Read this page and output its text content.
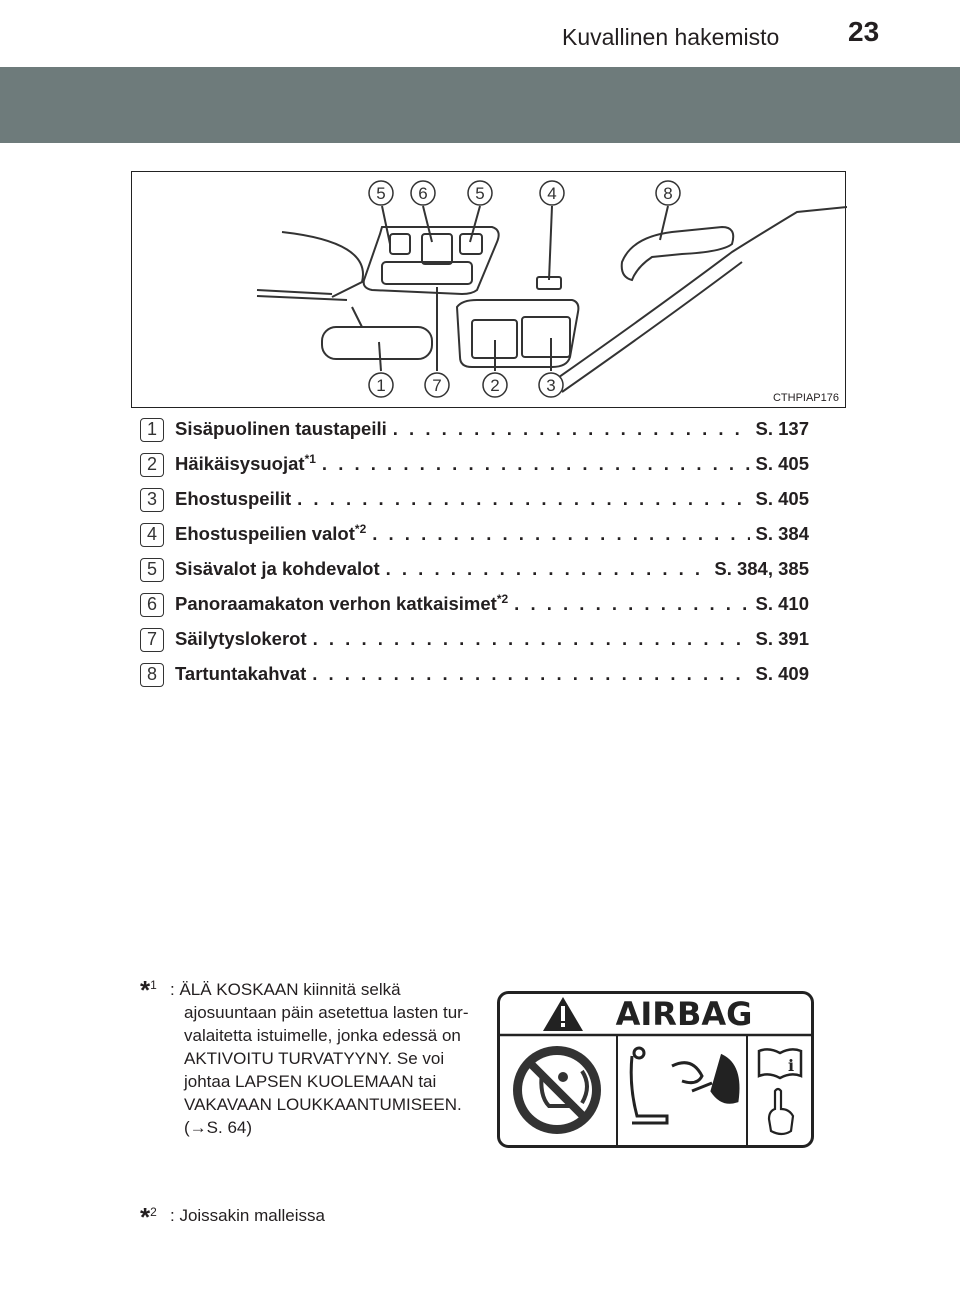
Kuvallinen hakemisto 23
5 6	5	4	8
1	7	2	3
CTHPIAP176
1 Sisäpuolinen taustapeili . . .	S. 137
2 Häikäisysuojat$^{*1}$ . . .	S. 405
3 Ehostuspeilit . . .	S. 405
4 Ehostuspeilien valot$^{*2}$ . . .	S. 384
5 Sisävalot ja kohdevalot . . .	S. 384, 385
6 Panoraamakaton verhon katkaisimet$^{*2}$ . . .	S. 410
7 Säilytyslokerot . . .	S. 391
8 Tartuntakahvat . . .	S. 409
*$^1$ : ÄLÄ KOSKAAN kiinnitä selkä
ajosuuntaan päin asetettua lasten tur-
valaitetta istuimelle, jonka edessä on
AKTIVOITU TURVATYYNY. Se voi
johtaa LAPSEN KUOLEMAAN tai
VAKAVAAN LOUKKAANTUMISEEN.
(→S. 64)
AIRBAG
i
*$^2$ : Joissakin malleissa
